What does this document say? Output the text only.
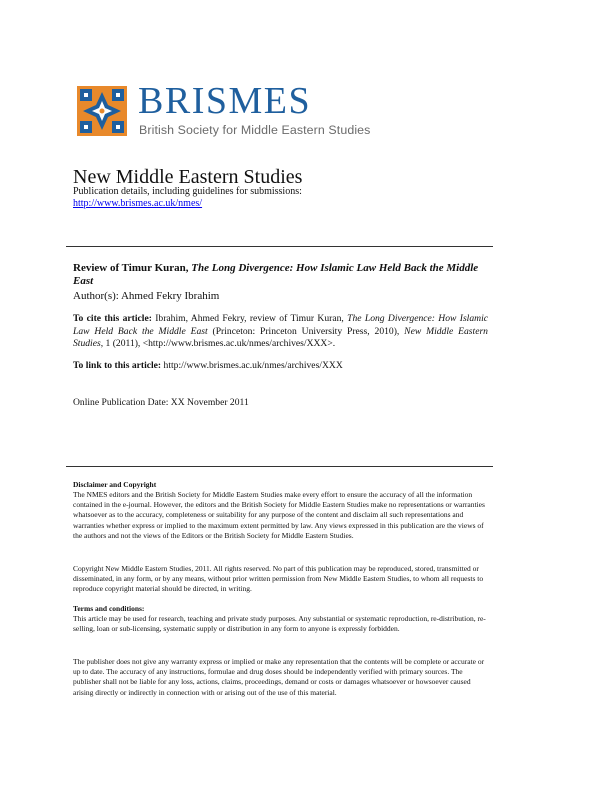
BRISMES
British Society for Middle Eastern Studies
New Middle Eastern Studies
Publication details, including guidelines for submissions:
http://www.brismes.ac.uk/nmes/
Review of Timur Kuran, The Long Divergence: How Islamic Law Held Back the Middle East
Author(s): Ahmed Fekry Ibrahim
To cite this article: Ibrahim, Ahmed Fekry, review of Timur Kuran, The Long Divergence: How Islamic Law Held Back the Middle East (Princeton: Princeton University Press, 2010), New Middle Eastern Studies, 1 (2011), <http://www.brismes.ac.uk/nmes/archives/XXX>.
To link to this article: http://www.brismes.ac.uk/nmes/archives/XXX
Online Publication Date: XX November 2011
Disclaimer and Copyright
The NMES editors and the British Society for Middle Eastern Studies make every effort to ensure the accuracy of all the information contained in the e-journal. However, the editors and the British Society for Middle Eastern Studies make no representations or warranties whatsoever as to the accuracy, completeness or suitability for any purpose of the content and disclaim all such representations and warranties whether express or implied to the maximum extent permitted by law. Any views expressed in this publication are the views of the authors and not the views of the Editors or the British Society for Middle Eastern Studies.
Copyright New Middle Eastern Studies, 2011. All rights reserved. No part of this publication may be reproduced, stored, transmitted or disseminated, in any form, or by any means, without prior written permission from New Middle Eastern Studies, to whom all requests to reproduce copyright material should be directed, in writing.
Terms and conditions:
This article may be used for research, teaching and private study purposes. Any substantial or systematic reproduction, re-distribution, re-selling, loan or sub-licensing, systematic supply or distribution in any form to anyone is expressly forbidden.
The publisher does not give any warranty express or implied or make any representation that the contents will be complete or accurate or up to date. The accuracy of any instructions, formulae and drug doses should be independently verified with primary sources. The publisher shall not be liable for any loss, actions, claims, proceedings, demand or costs or damages whatsoever or howsoever caused arising directly or indirectly in connection with or arising out of the use of this material.
